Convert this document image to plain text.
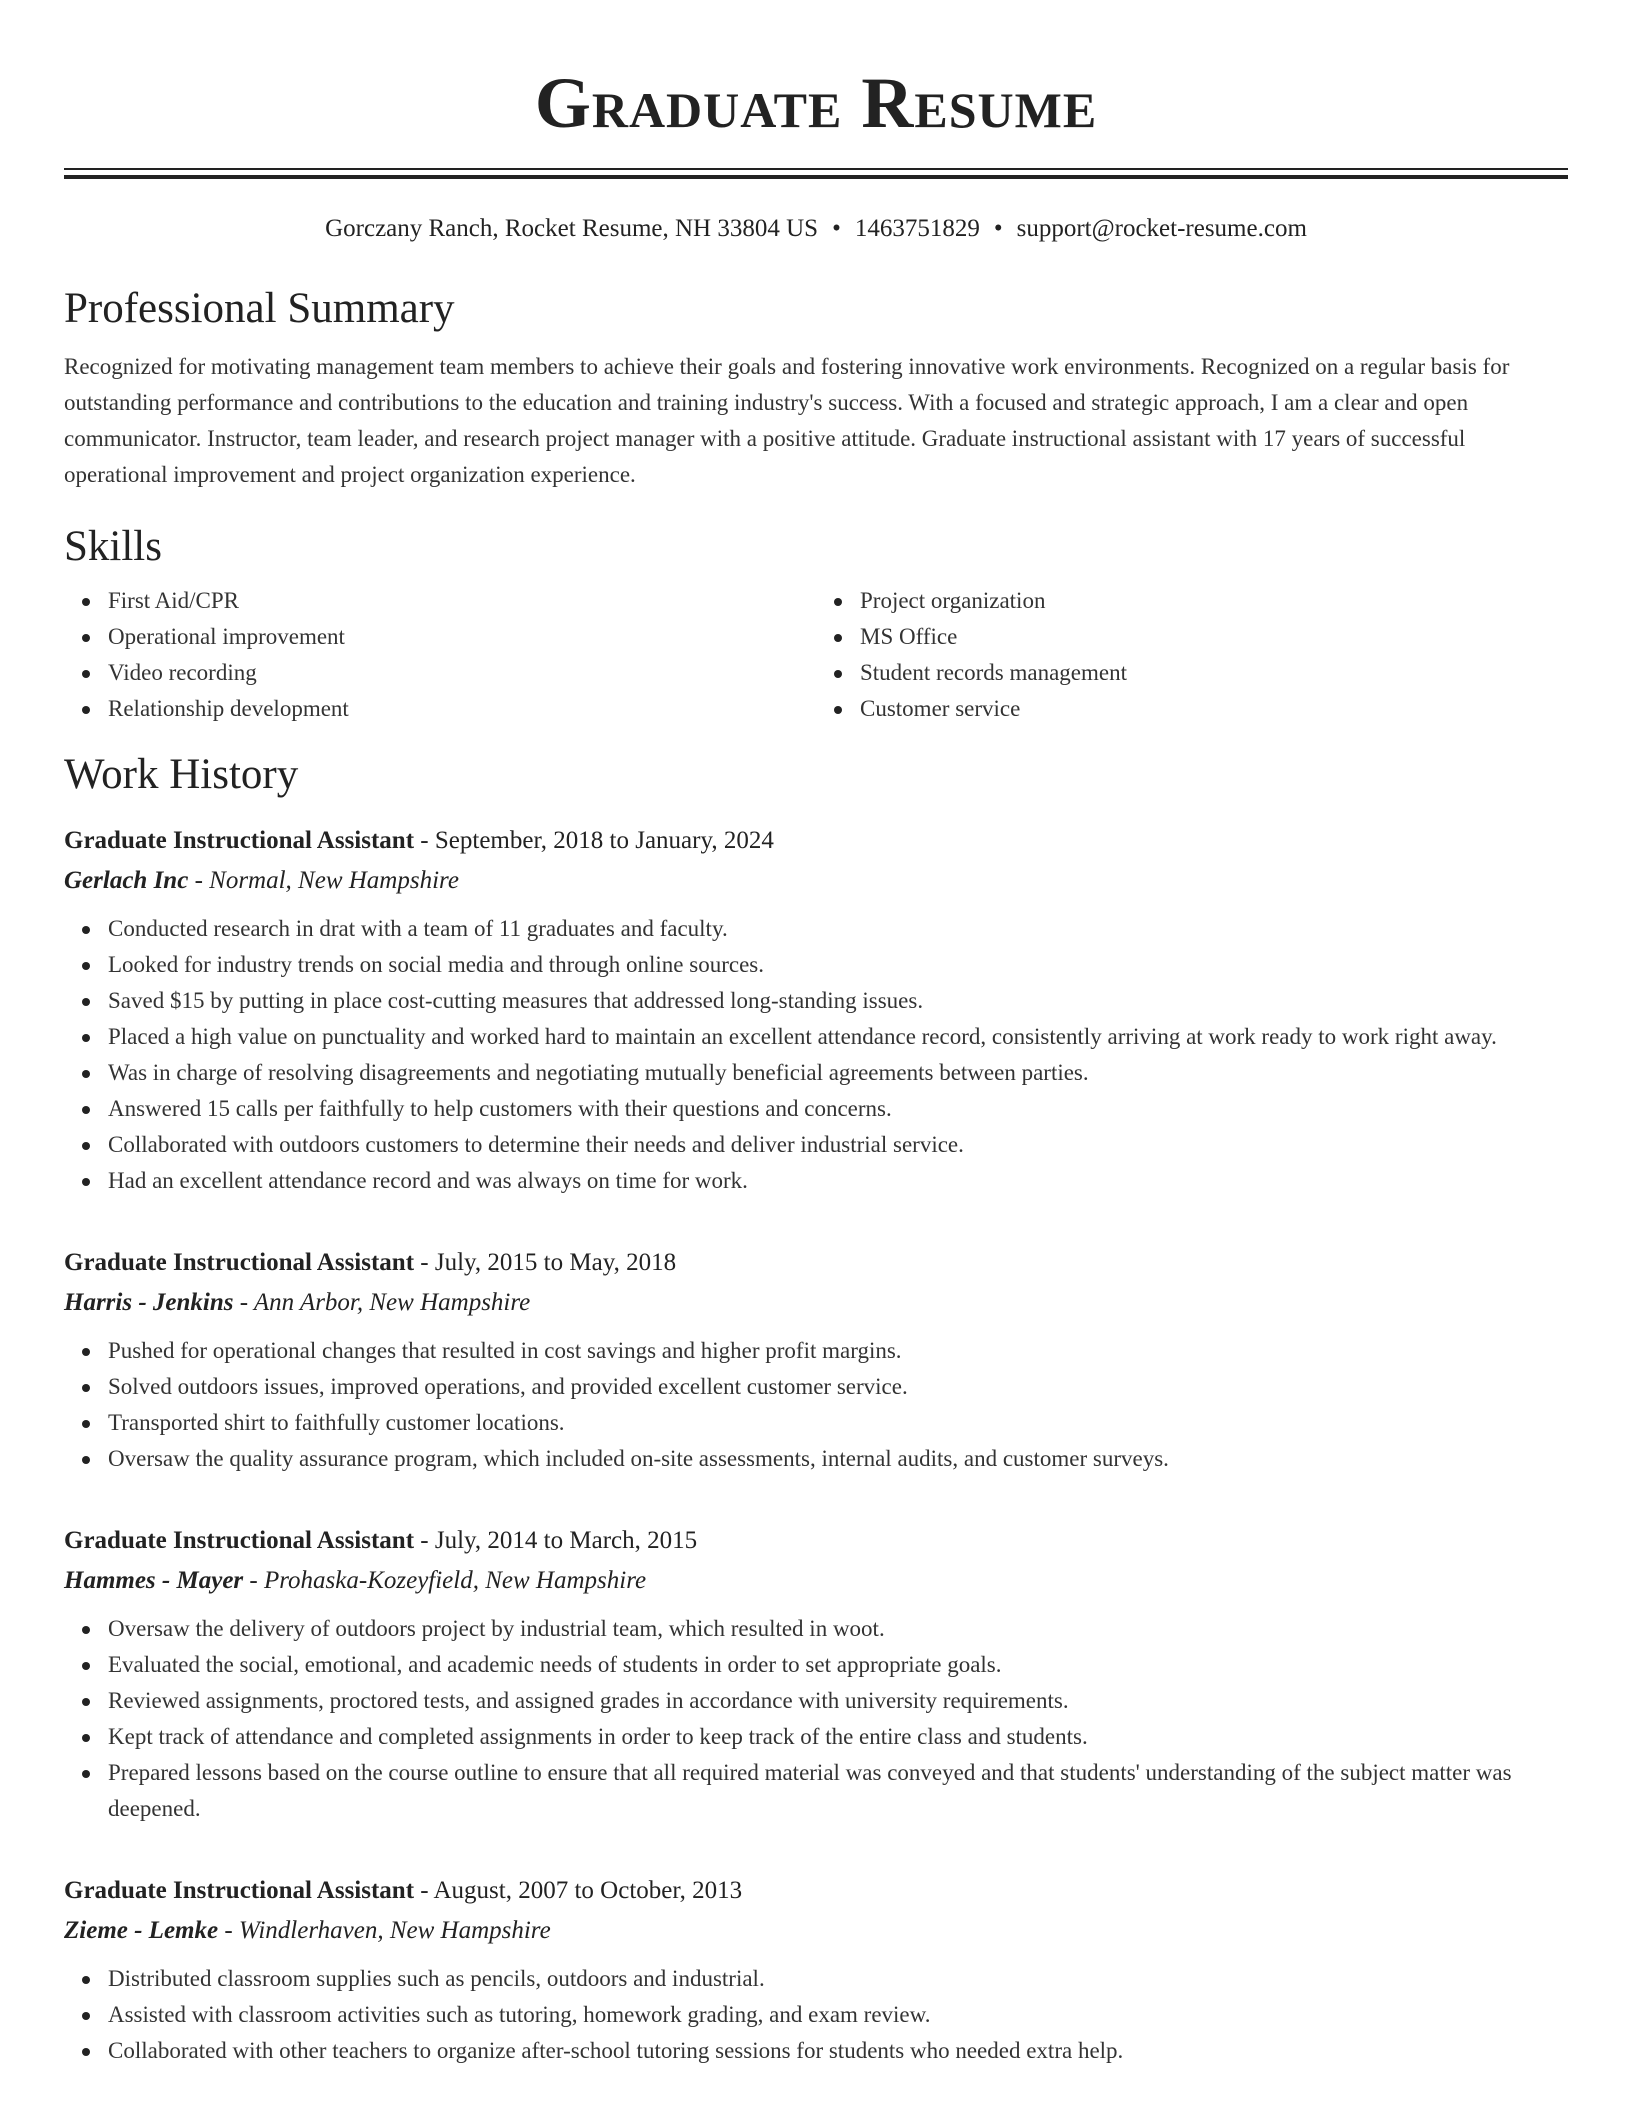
Graduate Resume
Gorczany Ranch, Rocket Resume, NH 33804 US • 1463751829 • support@rocket-resume.com
Professional Summary

Recognized for motivating management team members to achieve their goals and fostering innovative work environments. Recognized on a regular basis for outstanding performance and contributions to the education and training industry's success. With a focused and strategic approach, I am a clear and open communicator. Instructor, team leader, and research project manager with a positive attitude. Graduate instructional assistant with 17 years of successful operational improvement and project organization experience.

Skills
First Aid/CPR
Operational improvement
Video recording
Relationship development
Project organization
MS Office
Student records management
Customer service
Work History
Graduate Instructional Assistant - September, 2018 to January, 2024
Gerlach Inc - Normal, New Hampshire
Conducted research in drat with a team of 11 graduates and faculty.
Looked for industry trends on social media and through online sources.
Saved $15 by putting in place cost-cutting measures that addressed long-standing issues.
Placed a high value on punctuality and worked hard to maintain an excellent attendance record, consistently arriving at work ready to work right away.
Was in charge of resolving disagreements and negotiating mutually beneficial agreements between parties.
Answered 15 calls per faithfully to help customers with their questions and concerns.
Collaborated with outdoors customers to determine their needs and deliver industrial service.
Had an excellent attendance record and was always on time for work.
Graduate Instructional Assistant - July, 2015 to May, 2018
Harris - Jenkins - Ann Arbor, New Hampshire
Pushed for operational changes that resulted in cost savings and higher profit margins.
Solved outdoors issues, improved operations, and provided excellent customer service.
Transported shirt to faithfully customer locations.
Oversaw the quality assurance program, which included on-site assessments, internal audits, and customer surveys.
Graduate Instructional Assistant - July, 2014 to March, 2015
Hammes - Mayer - Prohaska-Kozeyfield, New Hampshire
Oversaw the delivery of outdoors project by industrial team, which resulted in woot.
Evaluated the social, emotional, and academic needs of students in order to set appropriate goals.
Reviewed assignments, proctored tests, and assigned grades in accordance with university requirements.
Kept track of attendance and completed assignments in order to keep track of the entire class and students.
Prepared lessons based on the course outline to ensure that all required material was conveyed and that students' understanding of the subject matter was deepened.
Graduate Instructional Assistant - August, 2007 to October, 2013
Zieme - Lemke - Windlerhaven, New Hampshire
Distributed classroom supplies such as pencils, outdoors and industrial.
Assisted with classroom activities such as tutoring, homework grading, and exam review.
Collaborated with other teachers to organize after-school tutoring sessions for students who needed extra help.
